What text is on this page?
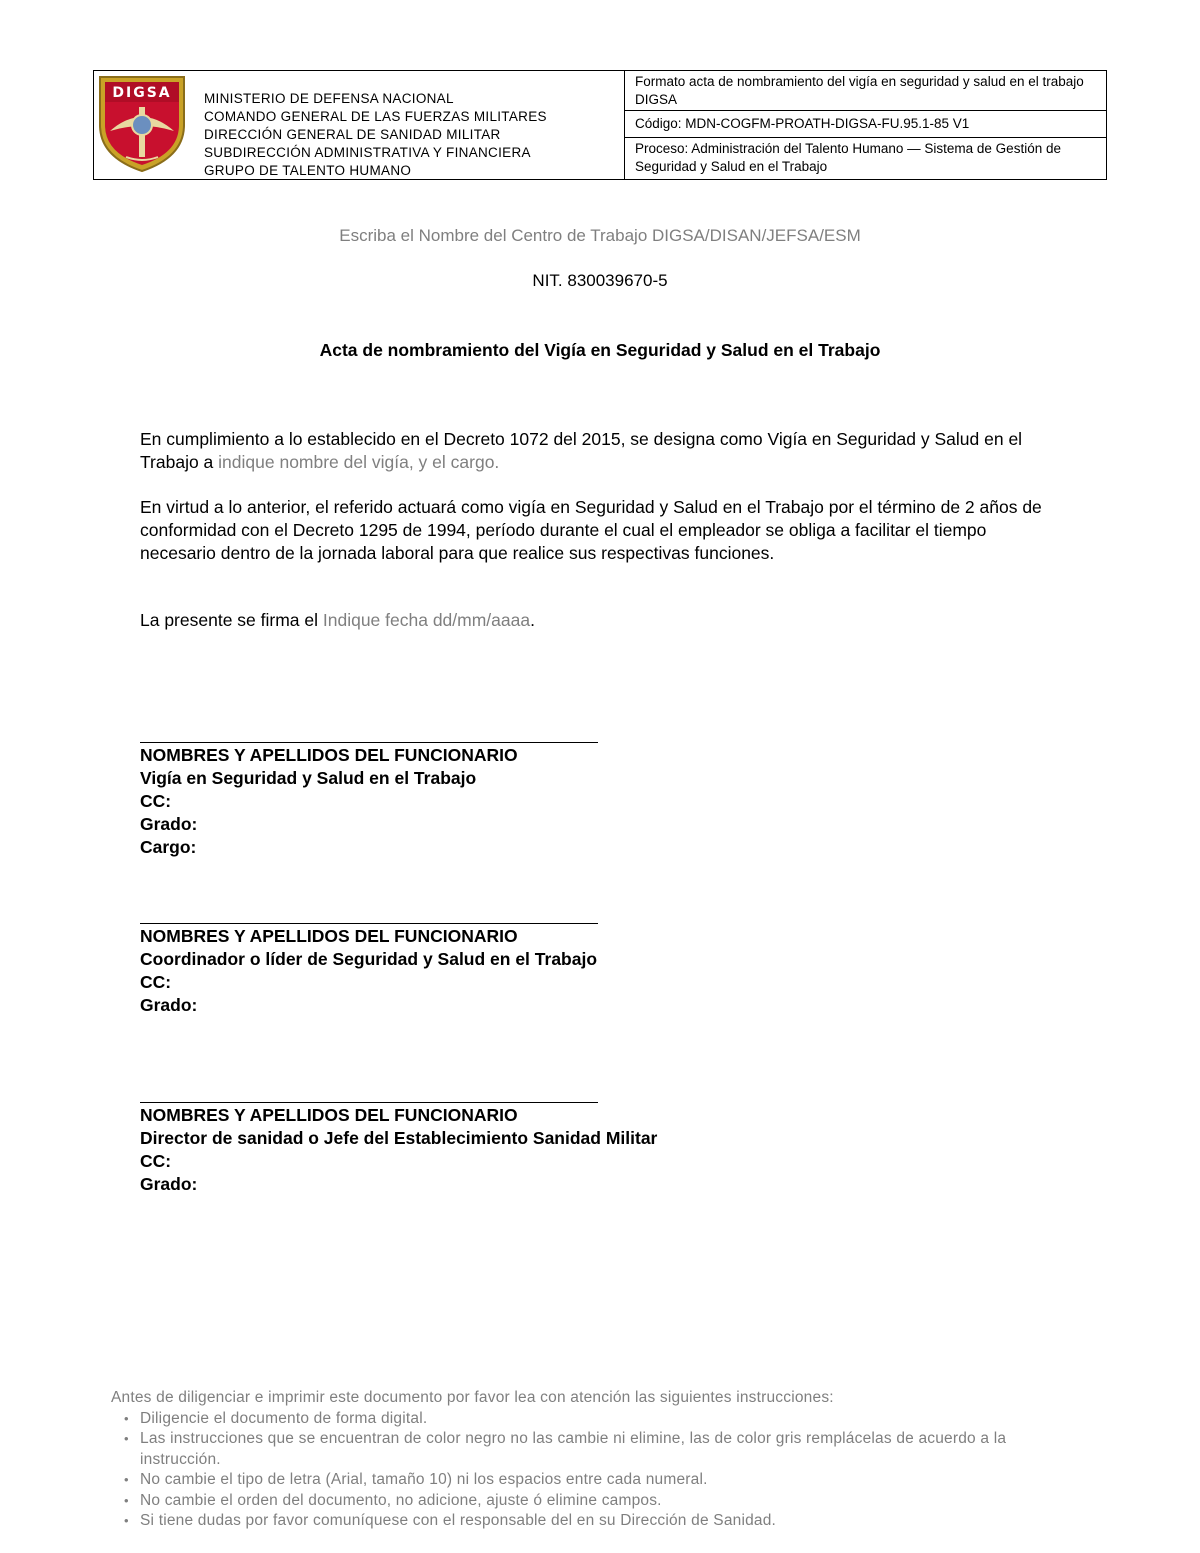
DIGSA MINISTERIO DE DEFENSA NACIONAL
COMANDO GENERAL DE LAS FUERZAS MILITARES
DIRECCIÓN GENERAL DE SANIDAD MILITAR
SUBDIRECCIÓN ADMINISTRATIVA Y FINANCIERA
GRUPO DE TALENTO HUMANO
Formato acta de nombramiento del vigía en seguridad y salud en el trabajo DIGSA
Código: MDN-COGFM-PROATH-DIGSA-FU.95.1-85 V1
Proceso: Administración del Talento Humano — Sistema de Gestión de Seguridad y Salud en el Trabajo
Escriba el Nombre del Centro de Trabajo DIGSA/DISAN/JEFSA/ESM
NIT. 830039670-5
Acta de nombramiento del Vigía en Seguridad y Salud en el Trabajo
En cumplimiento a lo establecido en el Decreto 1072 del 2015, se designa como Vigía en Seguridad y Salud en el Trabajo a indique nombre del vigía, y el cargo.
En virtud a lo anterior, el referido actuará como vigía en Seguridad y Salud en el Trabajo por el término de 2 años de conformidad con el Decreto 1295 de 1994, período durante el cual el empleador se obliga a facilitar el tiempo necesario dentro de la jornada laboral para que realice sus respectivas funciones.
La presente se firma el Indique fecha dd/mm/aaaa.
NOMBRES Y APELLIDOS DEL FUNCIONARIO
Vigía en Seguridad y Salud en el Trabajo
CC:
Grado:
Cargo:
NOMBRES Y APELLIDOS DEL FUNCIONARIO
Coordinador o líder de Seguridad y Salud en el Trabajo
CC:
Grado:
NOMBRES Y APELLIDOS DEL FUNCIONARIO
Director de sanidad o Jefe del Establecimiento Sanidad Militar
CC:
Grado:
Antes de diligenciar e imprimir este documento por favor lea con atención las siguientes instrucciones:
• Diligencie el documento de forma digital.
• Las instrucciones que se encuentran de color negro no las cambie ni elimine, las de color gris remplácelas de acuerdo a la instrucción.
• No cambie el tipo de letra (Arial, tamaño 10) ni los espacios entre cada numeral.
• No cambie el orden del documento, no adicione, ajuste ó elimine campos.
• Si tiene dudas por favor comuníquese con el responsable del en su Dirección de Sanidad.
